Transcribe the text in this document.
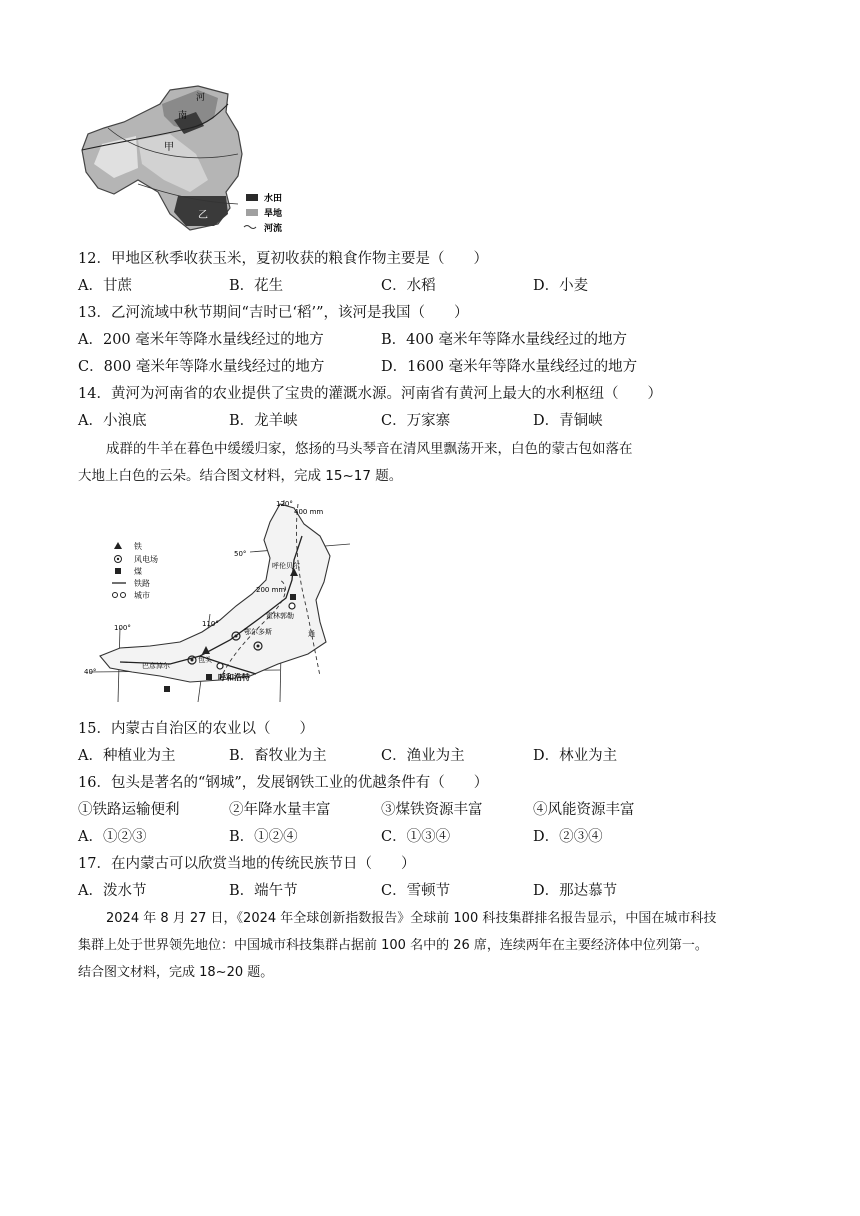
河
南
甲
乙
水田
旱地
河流
12．甲地区秋季收获玉米，夏初收获的粮食作物主要是（　　）
A．甘蔗	B．花生	C．水稻	D．小麦
13．乙河流域中秋节期间“吉时已‘稻’”，该河是我国（　　）
A．200 毫米年等降水量线经过的地方	B．400 毫米年等降水量线经过的地方
C．800 毫米年等降水量线经过的地方	D．1600 毫米年等降水量线经过的地方
14．黄河为河南省的农业提供了宝贵的灌溉水源。河南省有黄河上最大的水利枢纽（　　）
A．小浪底	B．龙羊峡	C．万家寨	D．青铜峡
成群的牛羊在暮色中缓缓归家，悠扬的马头琴音在清风里飘荡开来，白色的蒙古包如落在
大地上白色的云朵。结合图文材料，完成 15~17 题。
铁
风电场
煤
铁路
城市
120°
400 mm
50°
呼伦贝尔
200 mm
霍林郭勒
110°
鄂尔多斯
100°
通
巴彦淖尔
包头
40°
呼和浩特
15．内蒙古自治区的农业以（　　）
A．种植业为主	B．畜牧业为主	C．渔业为主	D．林业为主
16．包头是著名的“钢城”，发展钢铁工业的优越条件有（　　）
①铁路运输便利	②年降水量丰富	③煤铁资源丰富	④风能资源丰富
A．①②③	B．①②④	C．①③④	D．②③④
17．在内蒙古可以欣赏当地的传统民族节日（　　）
A．泼水节	B．端午节	C．雪顿节	D．那达慕节
2024 年 8 月 27 日，《2024 年全球创新指数报告》全球前 100 科技集群排名报告显示，中国在城市科技
集群上处于世界领先地位：中国城市科技集群占据前 100 名中的 26 席，连续两年在主要经济体中位列第一。
结合图文材料，完成 18~20 题。
